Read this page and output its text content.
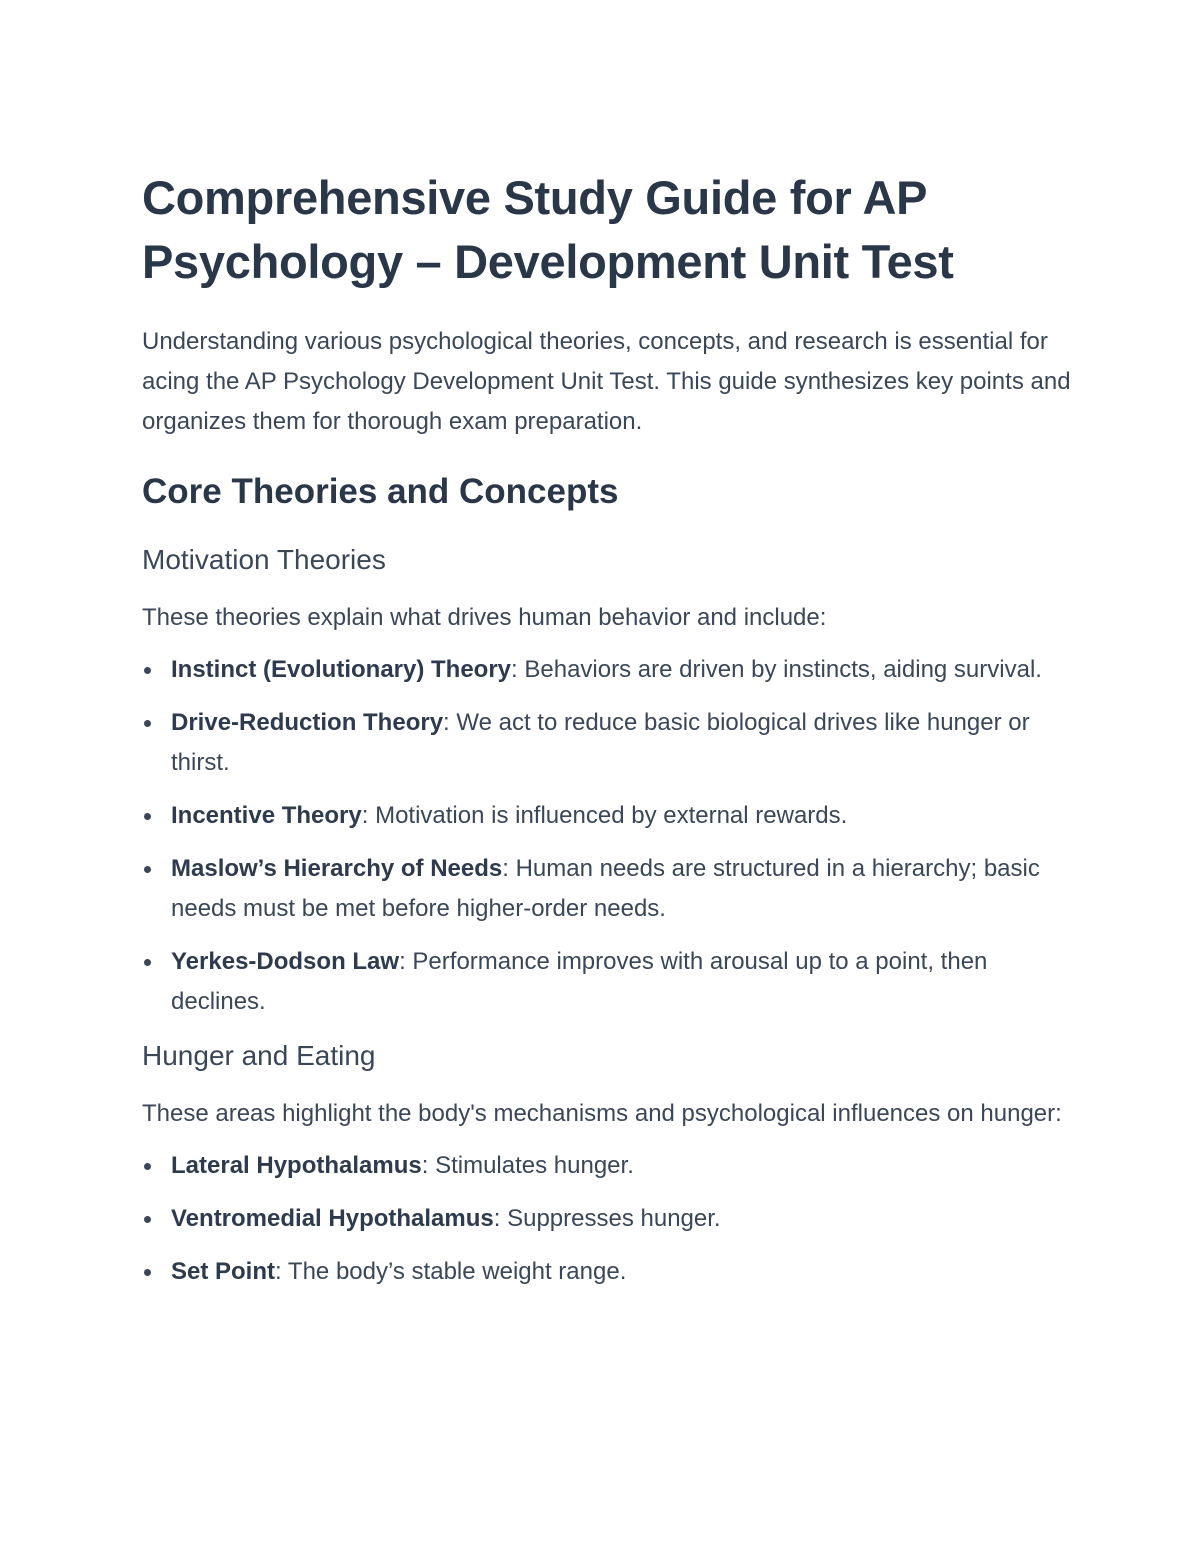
Comprehensive Study Guide for AP Psychology – Development Unit Test

Understanding various psychological theories, concepts, and research is essential for acing the AP Psychology Development Unit Test. This guide synthesizes key points and organizes them for thorough exam preparation.

Core Theories and Concepts
Motivation Theories

These theories explain what drives human behavior and include:

Instinct (Evolutionary) Theory: Behaviors are driven by instincts, aiding survival.
Drive-Reduction Theory: We act to reduce basic biological drives like hunger or thirst.
Incentive Theory: Motivation is influenced by external rewards.
Maslow’s Hierarchy of Needs: Human needs are structured in a hierarchy; basic needs must be met before higher-order needs.
Yerkes-Dodson Law: Performance improves with arousal up to a point, then declines.
Hunger and Eating

These areas highlight the body's mechanisms and psychological influences on hunger:

Lateral Hypothalamus: Stimulates hunger.
Ventromedial Hypothalamus: Suppresses hunger.
Set Point: The body’s stable weight range.
